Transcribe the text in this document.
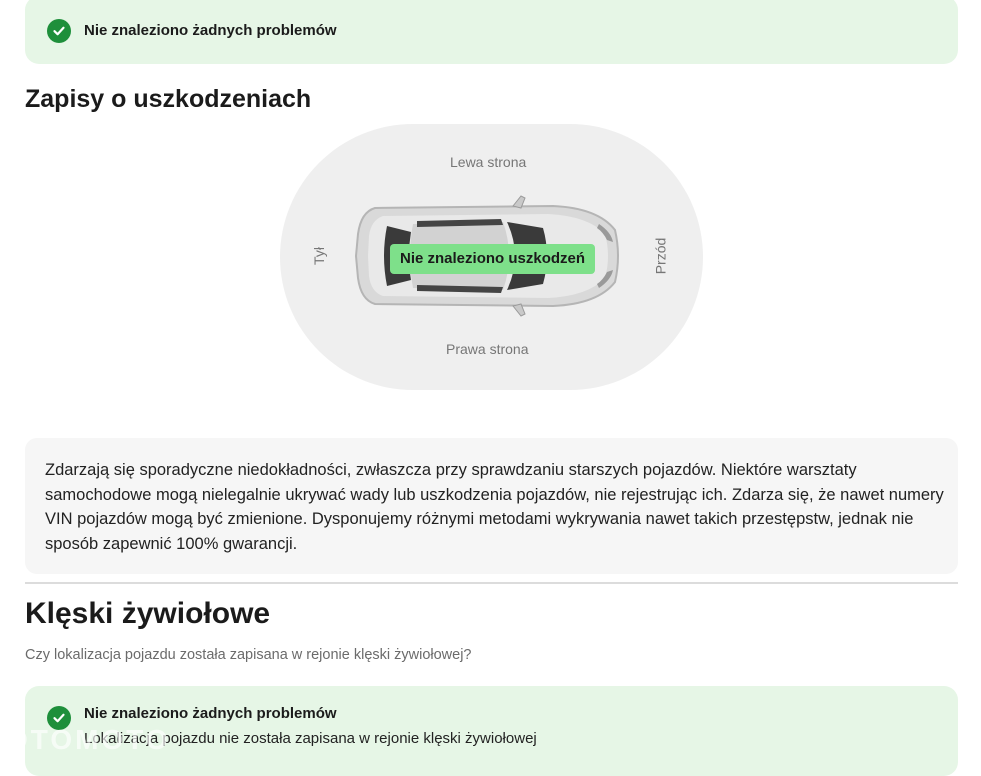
Nie znaleziono żadnych problemów
Zapisy o uszkodzeniach
Lewa strona
Prawa strona
Tył	Przód
Nie znaleziono uszkodzeń

Zdarzają się sporadyczne niedokładności, zwłaszcza przy sprawdzaniu starszych pojazdów. Niektóre warsztaty samochodowe mogą nielegalnie ukrywać wady lub uszkodzenia pojazdów, nie rejestrując ich. Zdarza się, że nawet numery VIN pojazdów mogą być zmienione. Dysponujemy różnymi metodami wykrywania nawet takich przestępstw, jednak nie sposób zapewnić 100% gwarancji.

Klęski żywiołowe
Czy lokalizacja pojazdu została zapisana w rejonie klęski żywiołowej?
Nie znaleziono żadnych problemów
Lokalizacja pojazdu nie została zapisana w rejonie klęski żywiołowej
OTOMOTO
